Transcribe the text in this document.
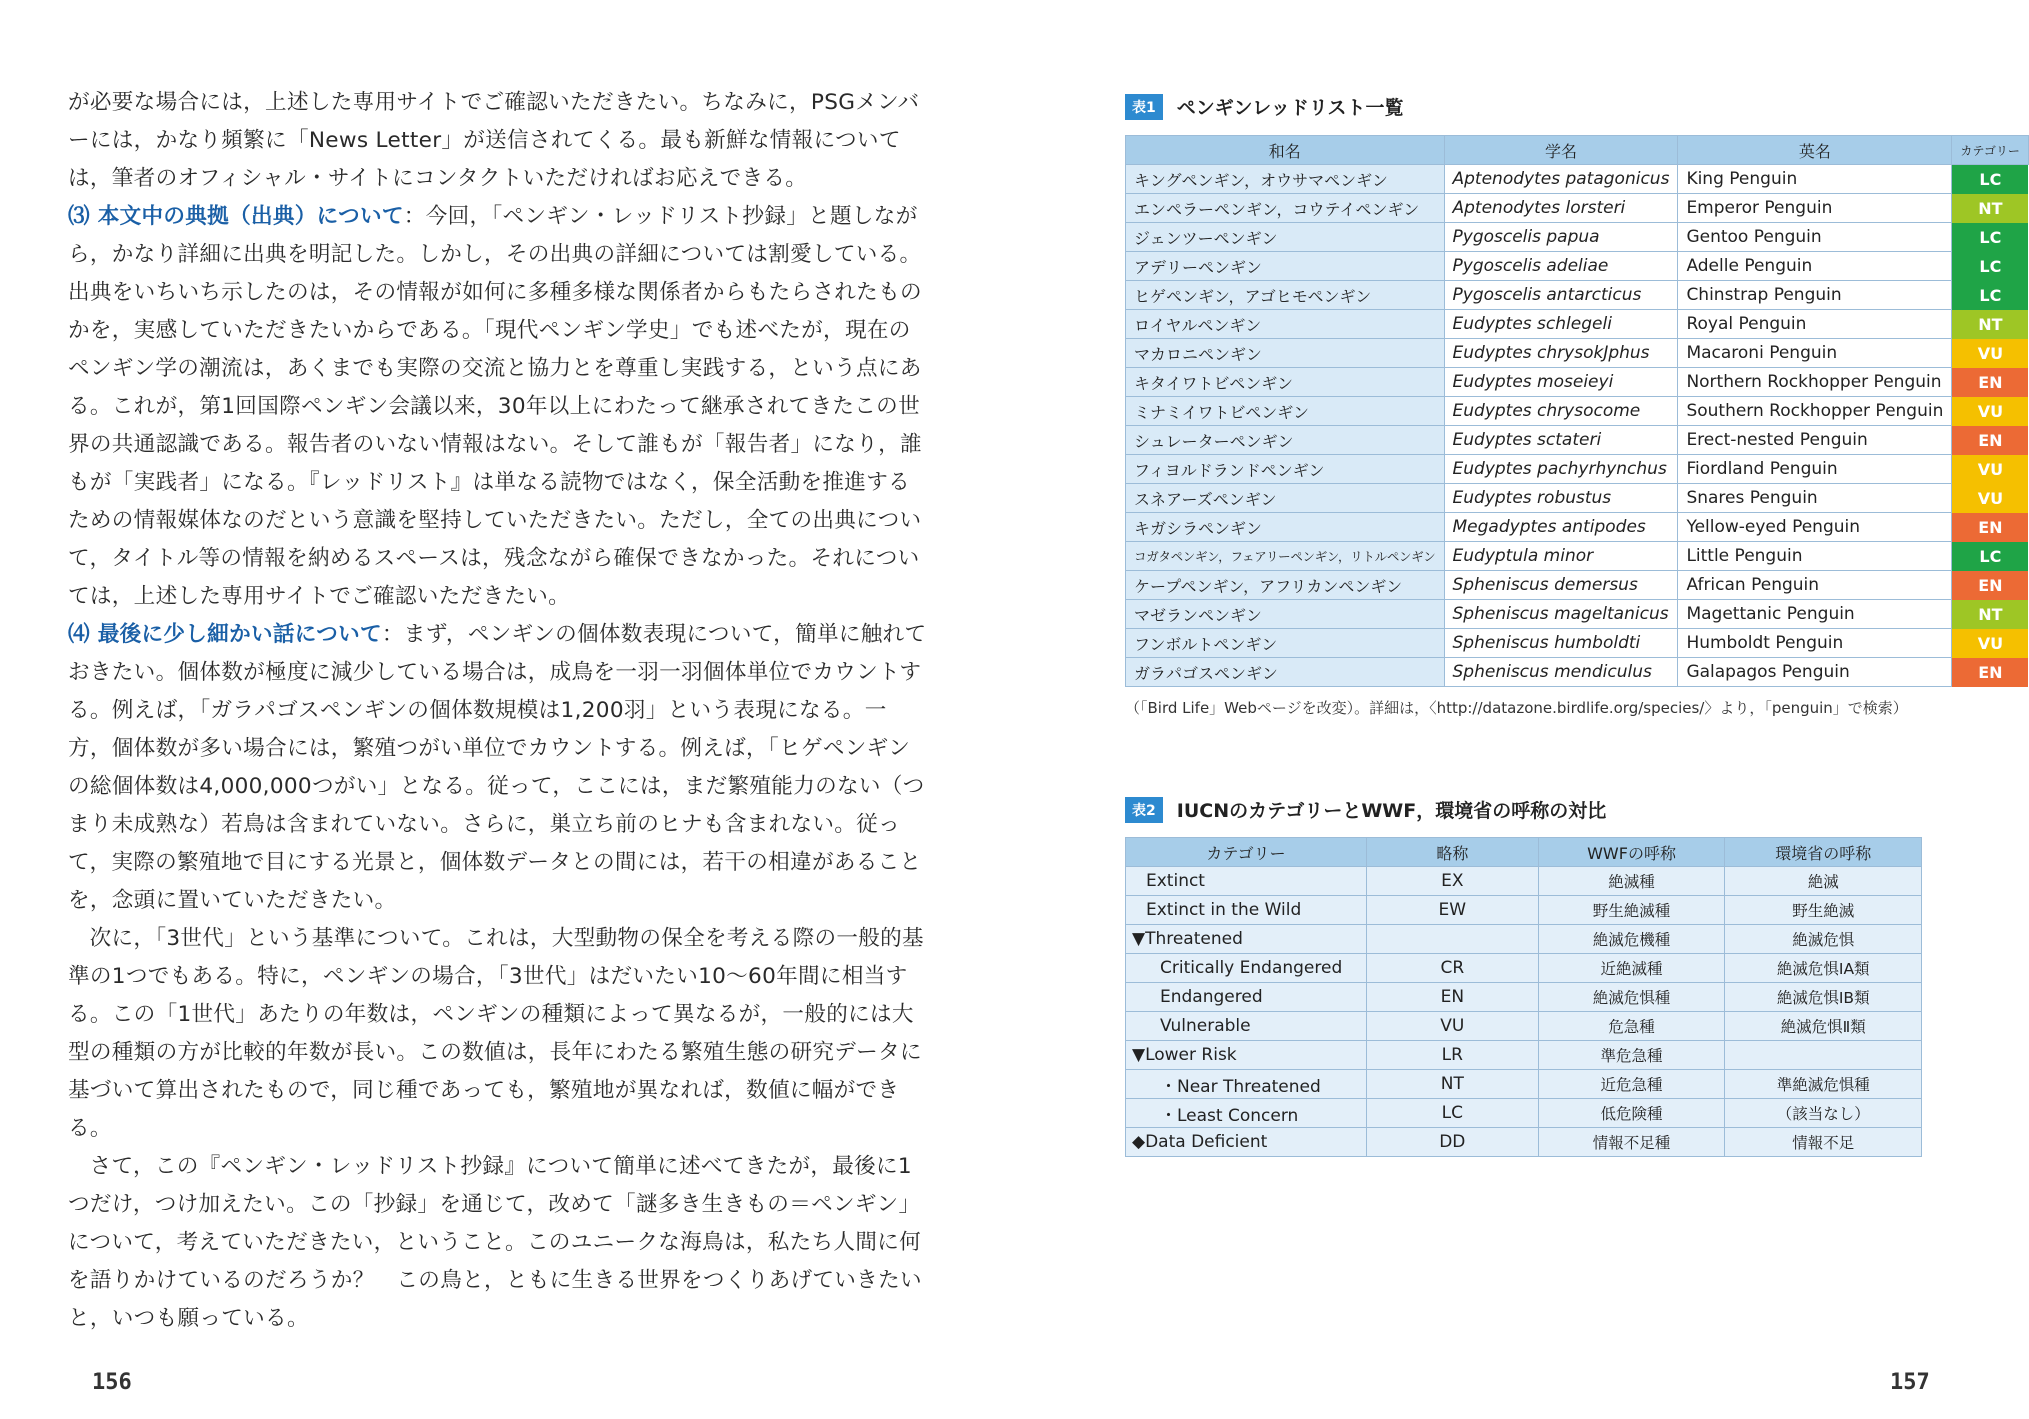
が必要な場合には，上述した専用サイトでご確認いただきたい。ちなみに，PSGメンバーには，かなり頻繁に「News Letter」が送信されてくる。最も新鮮な情報については，筆者のオフィシャル・サイトにコンタクトいただければお応えできる。

⑶ 本文中の典拠（出典）について：今回，「ペンギン・レッドリスト抄録」と題しながら，かなり詳細に出典を明記した。しかし，その出典の詳細については割愛している。出典をいちいち示したのは，その情報が如何に多種多様な関係者からもたらされたものかを，実感していただきたいからである。「現代ペンギン学史」でも述べたが，現在のペンギン学の潮流は，あくまでも実際の交流と協力とを尊重し実践する，という点にある。これが，第1回国際ペンギン会議以来，30年以上にわたって継承されてきたこの世界の共通認識である。報告者のいない情報はない。そして誰もが「報告者」になり，誰もが「実践者」になる。『レッドリスト』は単なる読物ではなく，保全活動を推進するための情報媒体なのだという意識を堅持していただきたい。ただし，全ての出典について，タイトル等の情報を納めるスペースは，残念ながら確保できなかった。それについては，上述した専用サイトでご確認いただきたい。

⑷ 最後に少し細かい話について：まず，ペンギンの個体数表現について，簡単に触れておきたい。個体数が極度に減少している場合は，成鳥を一羽一羽個体単位でカウントする。例えば，「ガラパゴスペンギンの個体数規模は1,200羽」という表現になる。一方，個体数が多い場合には，繁殖つがい単位でカウントする。例えば，「ヒゲペンギンの総個体数は4,000,000つがい」となる。従って，ここには，まだ繁殖能力のない（つまり未成熟な）若鳥は含まれていない。さらに，巣立ち前のヒナも含まれない。従って，実際の繁殖地で目にする光景と，個体数データとの間には，若干の相違があることを，念頭に置いていただきたい。

次に，「3世代」という基準について。これは，大型動物の保全を考える際の一般的基準の1つでもある。特に，ペンギンの場合，「3世代」はだいたい10〜60年間に相当する。この「1世代」あたりの年数は，ペンギンの種類によって異なるが，一般的には大型の種類の方が比較的年数が長い。この数値は，長年にわたる繁殖生態の研究データに基づいて算出されたもので，同じ種であっても，繁殖地が異なれば，数値に幅ができる。

さて，この『ペンギン・レッドリスト抄録』について簡単に述べてきたが，最後に1つだけ，つけ加えたい。この「抄録」を通じて，改めて「謎多き生きもの＝ペンギン」について，考えていただきたい，ということ。このユニークな海鳥は，私たち人間に何を語りかけているのだろうか？　この鳥と，ともに生きる世界をつくりあげていきたいと，いつも願っている。

156
表1	ペンギンレッドリスト一覧
和名	学名	英名	カテゴリー
キングペンギン，オウサマペンギン	Aptenodytes patagonicus	King Penguin	LC
エンペラーペンギン，コウテイペンギン	Aptenodytes lorsteri	Emperor Penguin	NT
ジェンツーペンギン	Pygoscelis papua	Gentoo Penguin	LC
アデリーペンギン	Pygoscelis adeliae	Adelle Penguin	LC
ヒゲペンギン，アゴヒモペンギン	Pygoscelis antarcticus	Chinstrap Penguin	LC
ロイヤルペンギン	Eudyptes schlegeli	Royal Penguin	NT
マカロニペンギン	Eudyptes chrysokJphus	Macaroni Penguin	VU
キタイワトビペンギン	Eudyptes moseieyi	Northern Rockhopper Penguin	EN
ミナミイワトビペンギン	Eudyptes chrysocome	Southern Rockhopper Penguin	VU
シュレーターペンギン	Eudyptes sctateri	Erect-nested Penguin	EN
フィヨルドランドペンギン	Eudyptes pachyrhynchus	Fiordland Penguin	VU
スネアーズペンギン	Eudyptes robustus	Snares Penguin	VU
キガシラペンギン	Megadyptes antipodes	Yellow-eyed Penguin	EN
コガタペンギン，フェアリーペンギン，リトルペンギン	Eudyptula minor	Little Penguin	LC
ケープペンギン，アフリカンペンギン	Spheniscus demersus	African Penguin	EN
マゼランペンギン	Spheniscus mageltanicus	Magettanic Penguin	NT
フンボルトペンギン	Spheniscus humboldti	Humboldt Penguin	VU
ガラパゴスペンギン	Spheniscus mendiculus	Galapagos Penguin	EN
（「Bird Life」Webページを改変）。詳細は，〈http://datazone.birdlife.org/species/〉より，「penguin」で検索）
表2	IUCNのカテゴリーとWWF，環境省の呼称の対比
カテゴリー	略称	WWFの呼称	環境省の呼称
Extinct	EX	絶滅種	絶滅
Extinct in the Wild	EW	野生絶滅種	野生絶滅
▼Threatened		絶滅危機種	絶滅危惧
Critically Endangered	CR	近絶滅種	絶滅危惧ⅠA類
Endangered	EN	絶滅危惧種	絶滅危惧ⅠB類
Vulnerable	VU	危急種	絶滅危惧Ⅱ類
▼Lower Risk	LR	準危急種	
・Near Threatened	NT	近危急種	準絶滅危惧種
・Least Concern	LC	低危険種	（該当なし）
◆Data Deficient	DD	情報不足種	情報不足
157
